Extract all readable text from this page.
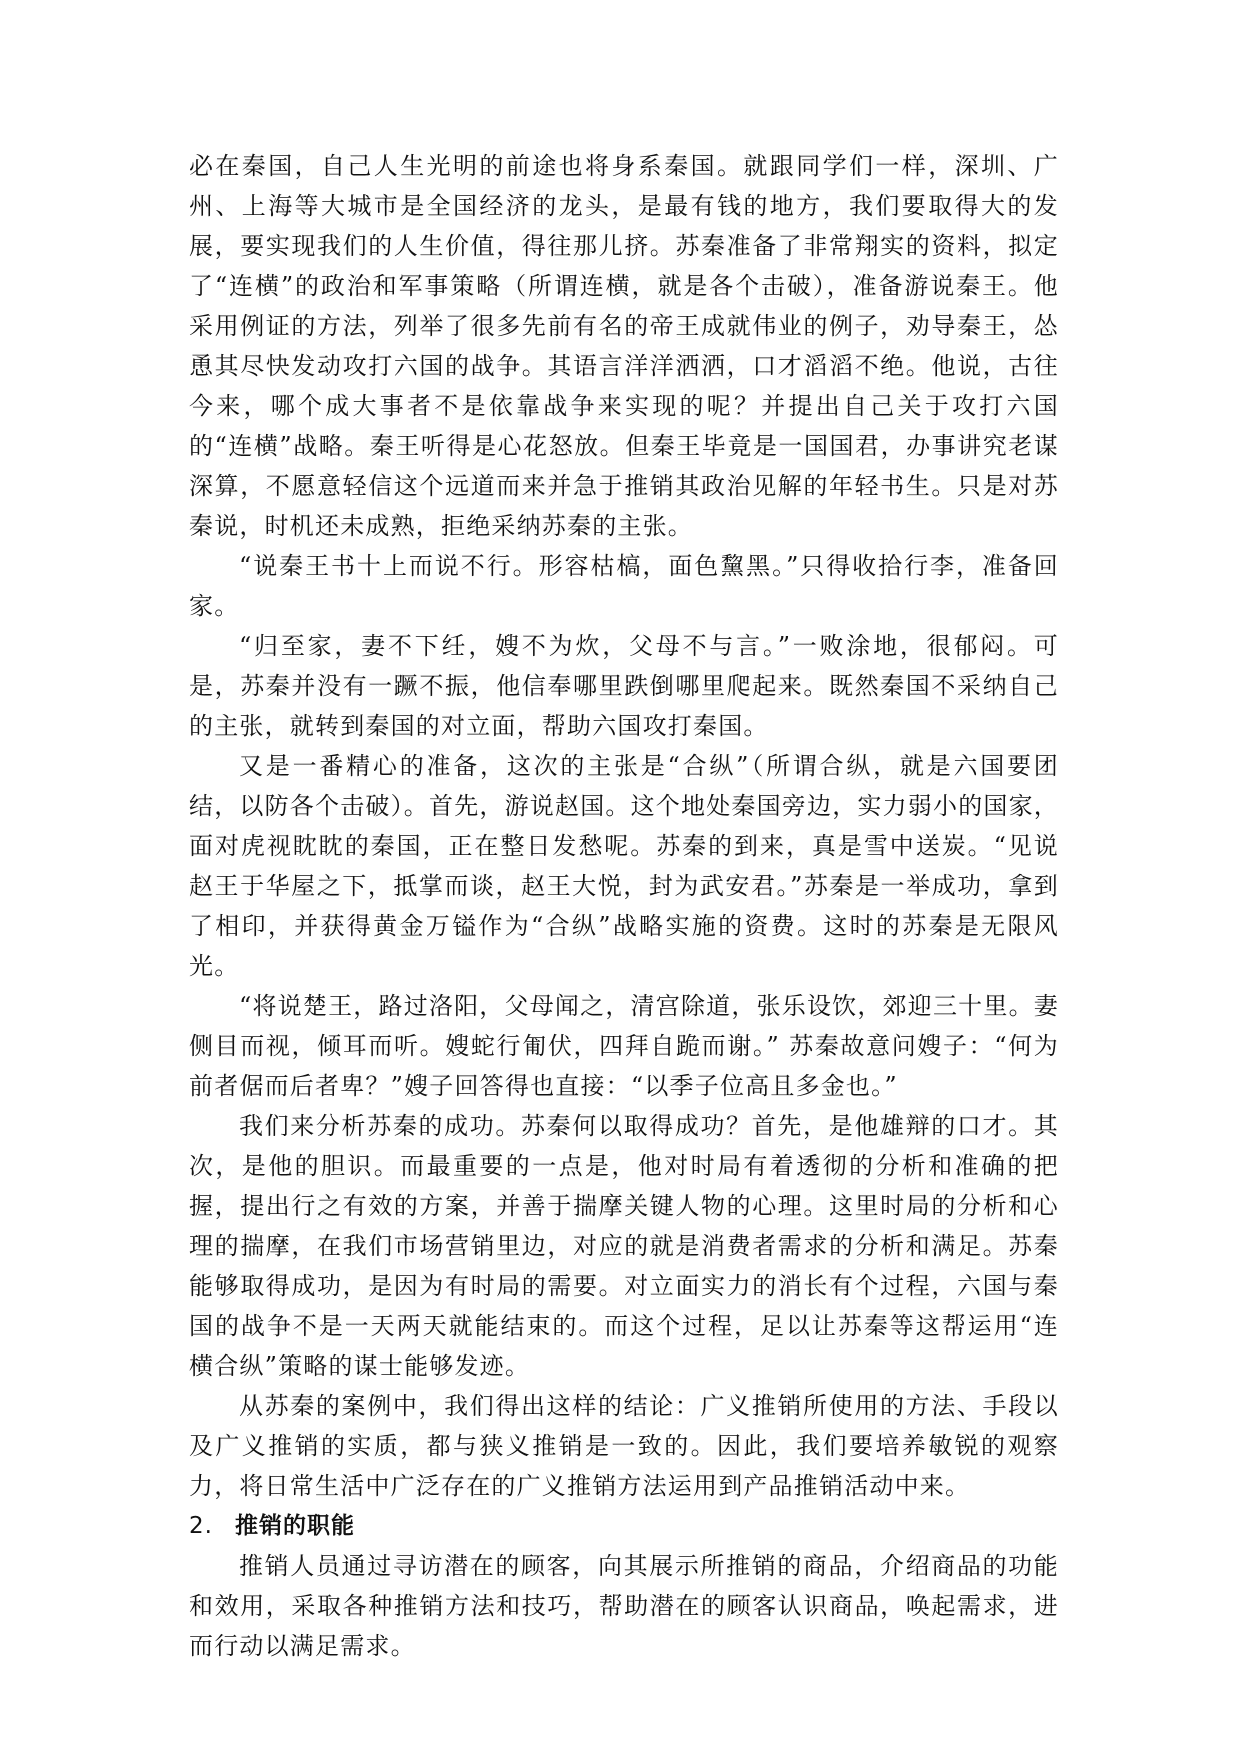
必在秦国，自己人生光明的前途也将身系秦国。就跟同学们一样，深圳、广州、上海等大城市是全国经济的龙头，是最有钱的地方，我们要取得大的发展，要实现我们的人生价值，得往那儿挤。苏秦准备了非常翔实的资料，拟定了“连横”的政治和军事策略（所谓连横，就是各个击破），准备游说秦王。他采用例证的方法，列举了很多先前有名的帝王成就伟业的例子，劝导秦王，怂恿其尽快发动攻打六国的战争。其语言洋洋洒洒，口才滔滔不绝。他说，古往今来，哪个成大事者不是依靠战争来实现的呢？并提出自己关于攻打六国的“连横”战略。秦王听得是心花怒放。但秦王毕竟是一国国君，办事讲究老谋深算，不愿意轻信这个远道而来并急于推销其政治见解的年轻书生。只是对苏秦说，时机还未成熟，拒绝采纳苏秦的主张。

“说秦王书十上而说不行。形容枯槁，面色黧黑。”只得收拾行李，准备回家。

“归至家，妻不下纴，嫂不为炊，父母不与言。”一败涂地，很郁闷。可是，苏秦并没有一蹶不振，他信奉哪里跌倒哪里爬起来。既然秦国不采纳自己的主张，就转到秦国的对立面，帮助六国攻打秦国。

又是一番精心的准备，这次的主张是“合纵”（所谓合纵，就是六国要团结，以防各个击破）。首先，游说赵国。这个地处秦国旁边，实力弱小的国家，面对虎视眈眈的秦国，正在整日发愁呢。苏秦的到来，真是雪中送炭。“见说赵王于华屋之下，抵掌而谈，赵王大悦，封为武安君。”苏秦是一举成功，拿到了相印，并获得黄金万镒作为“合纵”战略实施的资费。这时的苏秦是无限风光。

“将说楚王，路过洛阳，父母闻之，清宫除道，张乐设饮，郊迎三十里。妻侧目而视，倾耳而听。嫂蛇行匍伏，四拜自跪而谢。” 苏秦故意问嫂子：“何为前者倨而后者卑？”嫂子回答得也直接：“以季子位高且多金也。”

我们来分析苏秦的成功。苏秦何以取得成功？首先，是他雄辩的口才。其次，是他的胆识。而最重要的一点是，他对时局有着透彻的分析和准确的把握，提出行之有效的方案，并善于揣摩关键人物的心理。这里时局的分析和心理的揣摩，在我们市场营销里边，对应的就是消费者需求的分析和满足。苏秦能够取得成功，是因为有时局的需要。对立面实力的消长有个过程，六国与秦国的战争不是一天两天就能结束的。而这个过程，足以让苏秦等这帮运用“连横合纵”策略的谋士能够发迹。

从苏秦的案例中，我们得出这样的结论：广义推销所使用的方法、手段以及广义推销的实质，都与狭义推销是一致的。因此，我们要培养敏锐的观察力，将日常生活中广泛存在的广义推销方法运用到产品推销活动中来。

2. 推销的职能

推销人员通过寻访潜在的顾客，向其展示所推销的商品，介绍商品的功能和效用，采取各种推销方法和技巧，帮助潜在的顾客认识商品，唤起需求，进而行动以满足需求。
